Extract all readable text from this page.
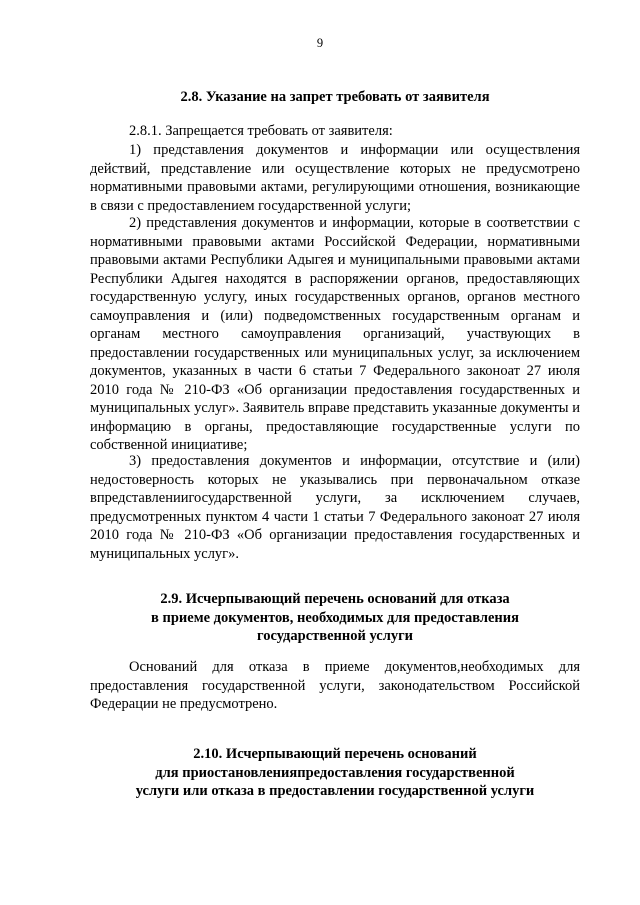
9
2.8. Указание на запрет требовать от заявителя
2.8.1. Запрещается требовать от заявителя:
1) представления документов и информации или осуществления действий, представление или осуществление которых не предусмотрено нормативными правовыми актами, регулирующими отношения, возникающие в связи с предоставлением государственной услуги;
2) представления документов и информации, которые в соответствии с нормативными правовыми актами Российской Федерации, нормативными правовыми актами Республики Адыгея и муниципальными правовыми актами Республики Адыгея находятся в распоряжении органов, предоставляющих государственную услугу, иных государственных органов, органов местного самоуправления и (или) подведомственных государственным органам и органам местного самоуправления организаций, участвующих в предоставлении государственных или муниципальных услуг, за исключением документов, указанных в части 6 статьи 7 Федерального законоат 27 июля 2010 года № 210-ФЗ «Об организации предоставления государственных и муниципальных услуг». Заявитель вправе представить указанные документы и информацию в органы, предоставляющие государственные услуги по собственной инициативе;
3) предоставления документов и информации, отсутствие и (или) недостоверность которых не указывались при первоначальном отказе впредставлениигосударственной услуги, за исключением случаев, предусмотренных пунктом 4 части 1 статьи 7 Федерального законоат 27 июля 2010 года № 210-ФЗ «Об организации предоставления государственных и муниципальных услуг».
2.9. Исчерпывающий перечень оснований для отказа
в приеме документов, необходимых для предоставления
государственной услуги
Оснований для отказа в приеме документов,необходимых для
предоставления государственной услуги, законодательством Российской
Федерации не предусмотрено.
2.10. Исчерпывающий перечень оснований
для приостановленияпредоставления государственной
услуги или отказа в предоставлении государственной услуги
